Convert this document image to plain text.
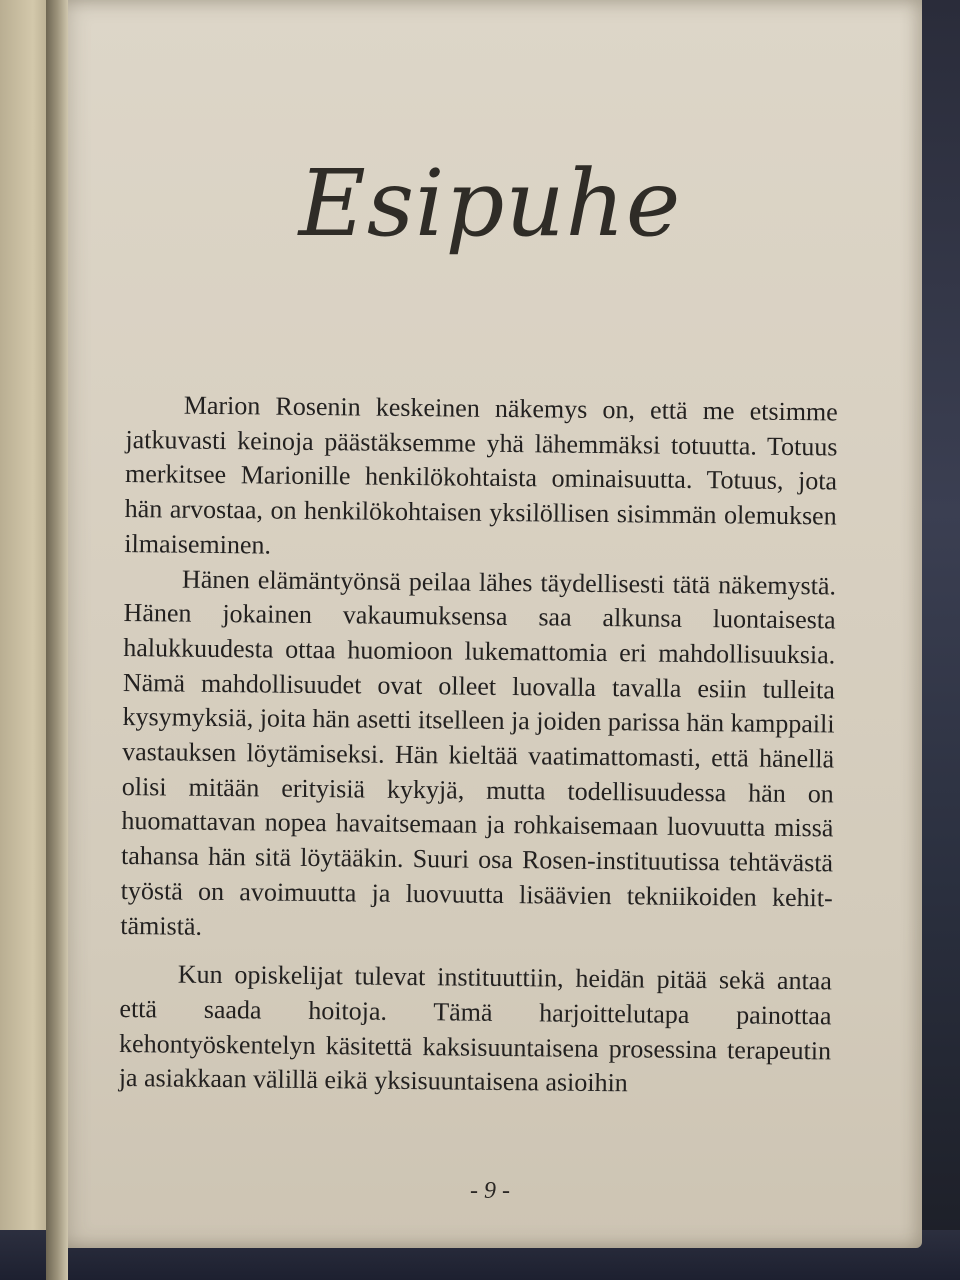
Esipuhe

Marion Rosenin keskeinen näkemys on, että me etsimme jatkuvasti keinoja päästäksemme yhä lähemmäksi totuutta. Totuus merkitsee Marionille henkilökohtaista ominaisuutta. Totuus, jota hän arvostaa, on henkilökohtaisen yksilöllisen sisimmän olemuksen ilmaiseminen.

Hänen elämäntyönsä peilaa lähes täydellisesti tätä näkemystä. Hänen jokainen vakaumuksensa saa alkunsa luontaisesta halukkuudesta ottaa huomioon lukemattomia eri mahdollisuuksia. Nämä mahdollisuudet ovat olleet luovalla tavalla esiin tulleita kysymyksiä, joita hän asetti itselleen ja joiden parissa hän kamppaili vastauksen löytämiseksi. Hän kieltää vaatimattomasti, että hänellä olisi mitään erityisiä kykyjä, mutta todellisuudessa hän on huomattavan nopea havaitsemaan ja rohkaisemaan luovuutta missä tahansa hän sitä löytääkin. Suuri osa Rosen-instituutissa tehtävästä työstä on avoimuutta ja luovuutta lisäävien tekniikoiden kehit-tämistä.

Kun opiskelijat tulevat instituuttiin, heidän pitää sekä antaa että saada hoitoja. Tämä harjoittelutapa painottaa kehontyöskentelyn käsitettä kaksisuuntaisena prosessina terapeutin ja asiakkaan välillä eikä yksisuuntaisena asioihin

- 9 -
